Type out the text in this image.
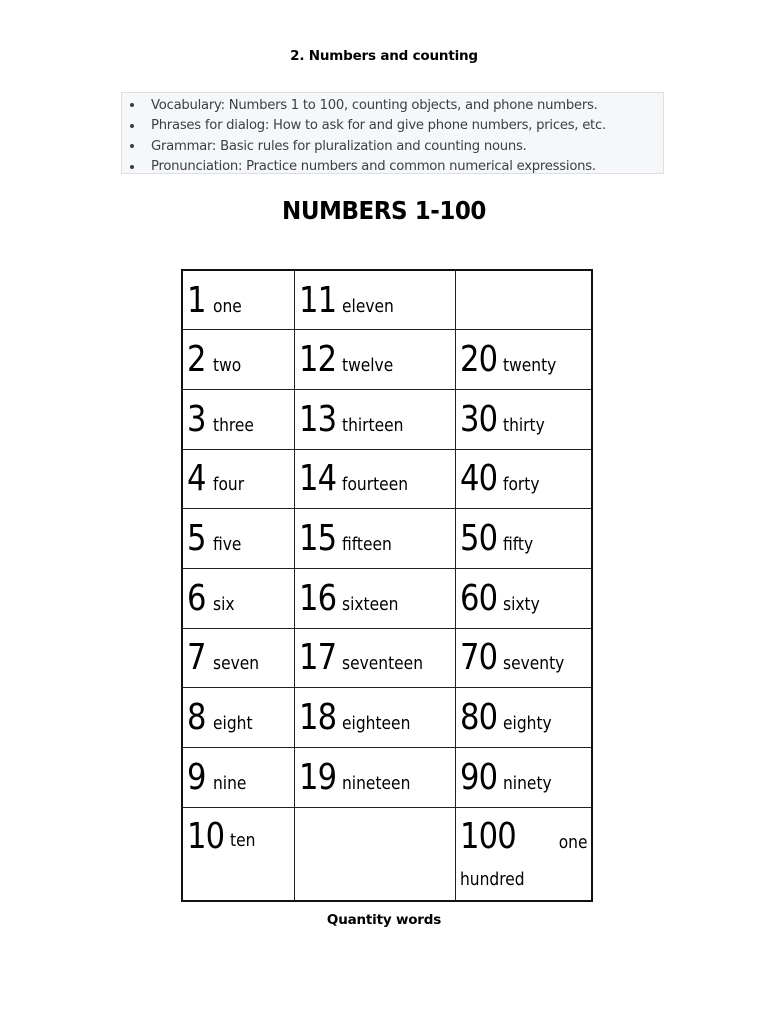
2. Numbers and counting
Vocabulary: Numbers 1 to 100, counting objects, and phone numbers.
Phrases for dialog: How to ask for and give phone numbers, prices, etc.
Grammar: Basic rules for pluralization and counting nouns.
Pronunciation: Practice numbers and common numerical expressions.
NUMBERS 1-100
1 one	11 eleven	
2 two	12 twelve	20 twenty
3 three	13 thirteen	30 thirty
4 four	14 fourteen	40 forty
5 five	15 fifteen	50 fifty
6 six	16 sixteen	60 sixty
7 seven	17 seventeen	70 seventy
8 eight	18 eighteen	80 eighty
9 nine	19 nineteen	90 ninety
10 ten		100 one
hundred
Quantity words
